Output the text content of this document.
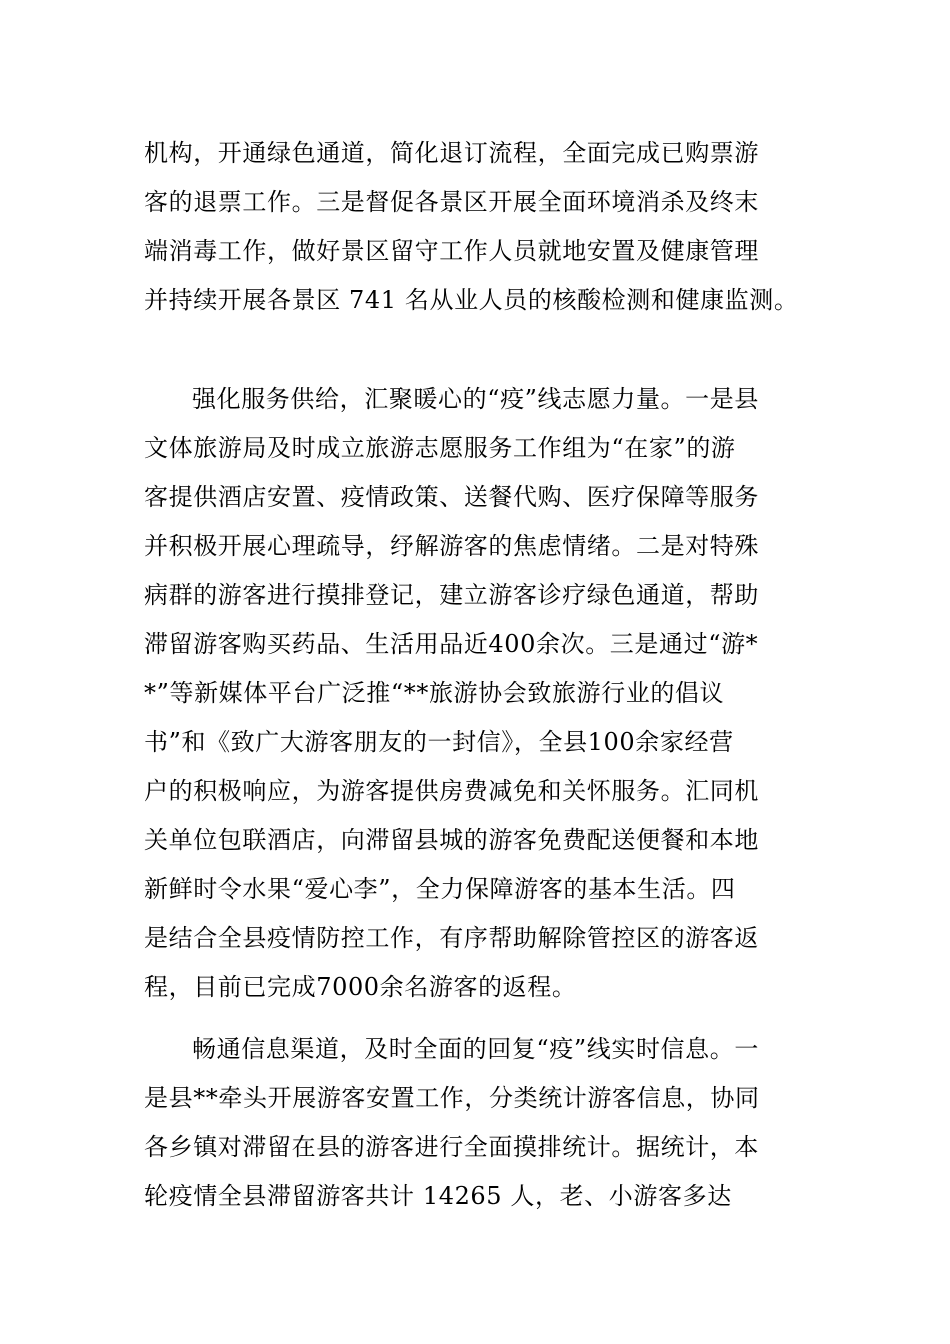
机构，开通绿色通道，简化退订流程，全面完成已购票游
客的退票工作。三是督促各景区开展全面环境消杀及终末
端消毒工作，做好景区留守工作人员就地安置及健康管理
并持续开展各景区 741 名从业人员的核酸检测和健康监测。
强化服务供给，汇聚暖心的“疫”线志愿力量。一是县
文体旅游局及时成立旅游志愿服务工作组为“在家”的游
客提供酒店安置、疫情政策、送餐代购、医疗保障等服务
并积极开展心理疏导，纾解游客的焦虑情绪。二是对特殊
病群的游客进行摸排登记，建立游客诊疗绿色通道，帮助
滞留游客购买药品、生活用品近400余次。三是通过“游*
*”等新媒体平台广泛推“**旅游协会致旅游行业的倡议
书”和《致广大游客朋友的一封信》，全县100余家经营
户的积极响应，为游客提供房费减免和关怀服务。汇同机
关单位包联酒店，向滞留县城的游客免费配送便餐和本地
新鲜时令水果“爱心李”，全力保障游客的基本生活。四
是结合全县疫情防控工作，有序帮助解除管控区的游客返
程，目前已完成7000余名游客的返程。
畅通信息渠道，及时全面的回复“疫”线实时信息。一
是县**牵头开展游客安置工作，分类统计游客信息，协同
各乡镇对滞留在县的游客进行全面摸排统计。据统计，本
轮疫情全县滞留游客共计 14265 人，老、小游客多达
